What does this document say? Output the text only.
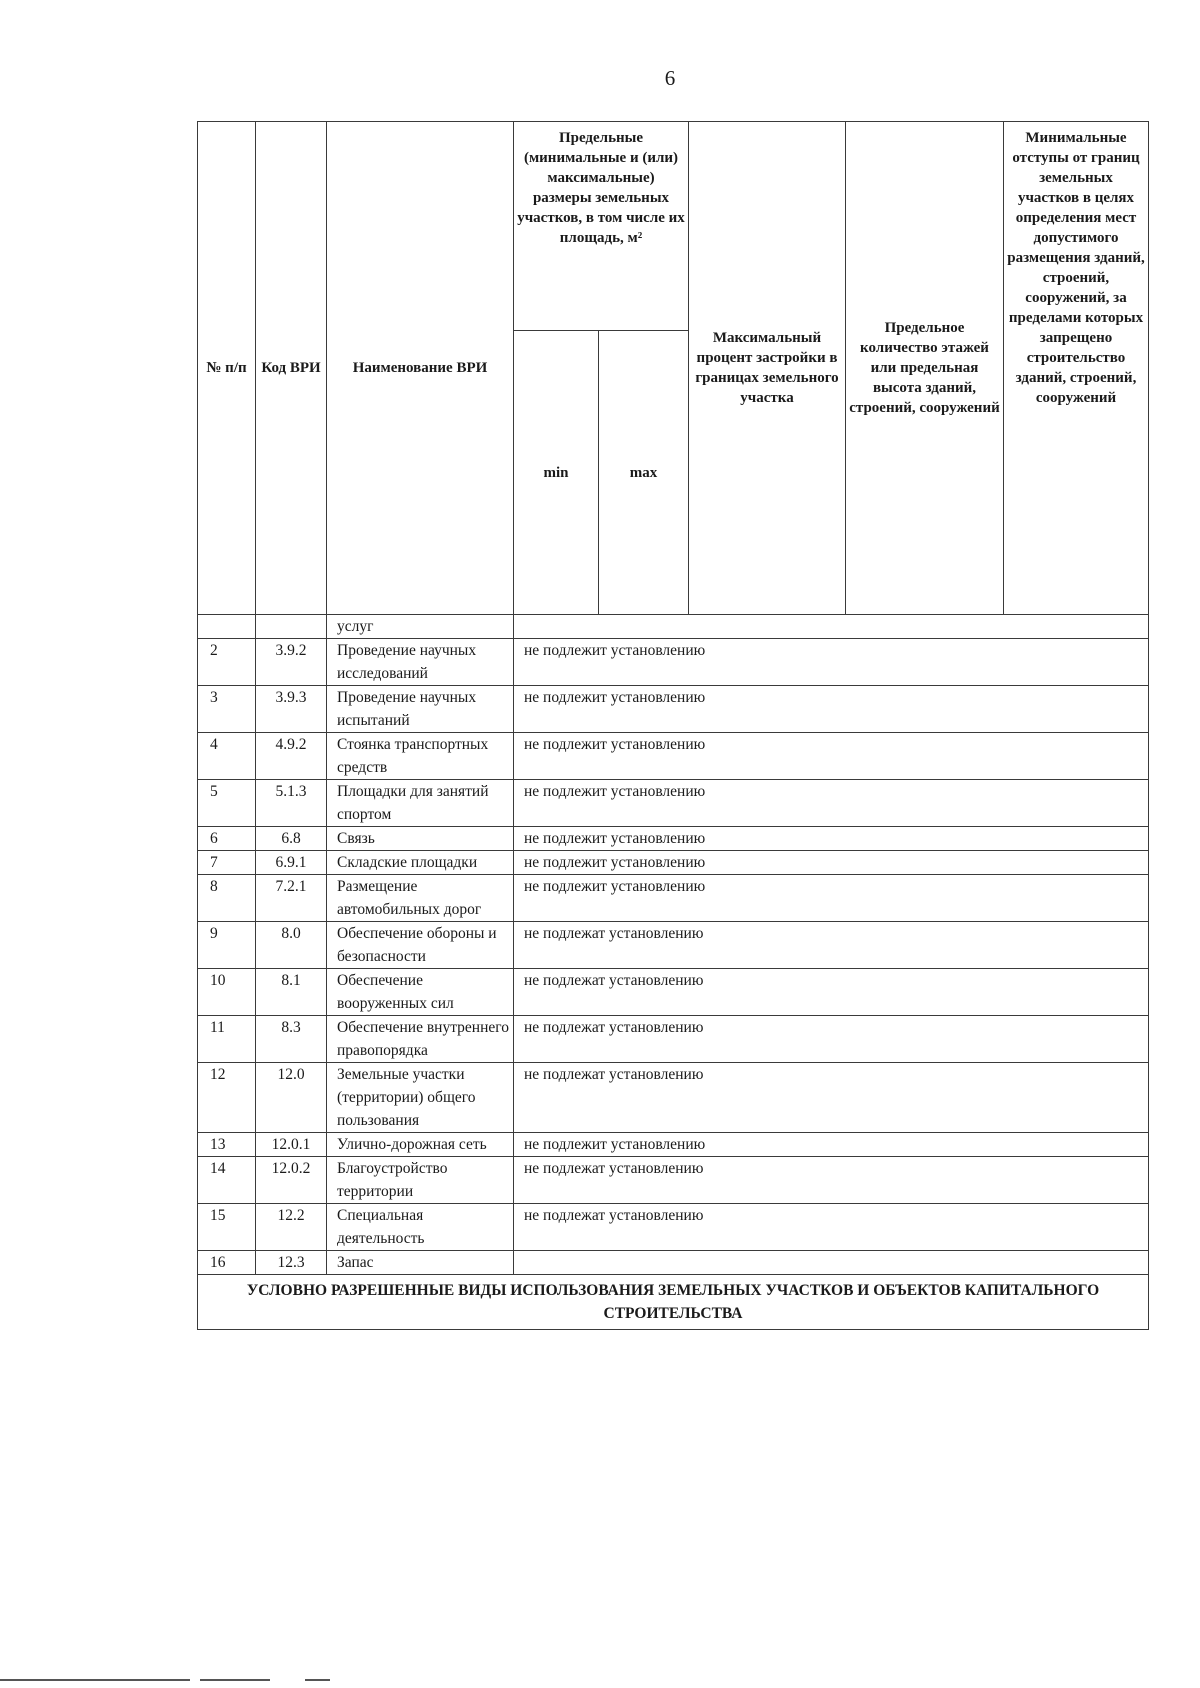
6
№ п/п	Код ВРИ	Наименование ВРИ	Предельные (минимальные и (или) максимальные) размеры земельных участков, в том числе их площадь, м²		Максимальный процент застройки в границах земельного участка	Предельное количество этажей или предельная высота зданий, строений, сооружений	Минимальные отступы от границ земельных участков в целях определения мест допустимого размещения зданий, строений, сооружений, за пределами которых запрещено строительство зданий, строений, сооружений
			min	max			
		услуг					
2	3.9.2	Проведение научных исследований	не подлежит установлению				
3	3.9.3	Проведение научных испытаний	не подлежит установлению				
4	4.9.2	Стоянка транспортных средств	не подлежит установлению				
5	5.1.3	Площадки для занятий спортом	не подлежит установлению				
6	6.8	Связь	не подлежит установлению				
7	6.9.1	Складские площадки	не подлежит установлению				
8	7.2.1	Размещение автомобильных дорог	не подлежит установлению				
9	8.0	Обеспечение обороны и безопасности	не подлежат установлению				
10	8.1	Обеспечение вооруженных сил	не подлежат установлению				
11	8.3	Обеспечение внутреннего правопорядка	не подлежат установлению				
12	12.0	Земельные участки (территории) общего пользования	не подлежат установлению				
13	12.0.1	Улично-дорожная сеть	не подлежит установлению				
14	12.0.2	Благоустройство территории	не подлежат установлению				
15	12.2	Специальная деятельность	не подлежат установлению				
16	12.3	Запас					
УСЛОВНО РАЗРЕШЕННЫЕ ВИДЫ ИСПОЛЬЗОВАНИЯ ЗЕМЕЛЬНЫХ УЧАСТКОВ И ОБЪЕКТОВ КАПИТАЛЬНОГО СТРОИТЕЛЬСТВА							
